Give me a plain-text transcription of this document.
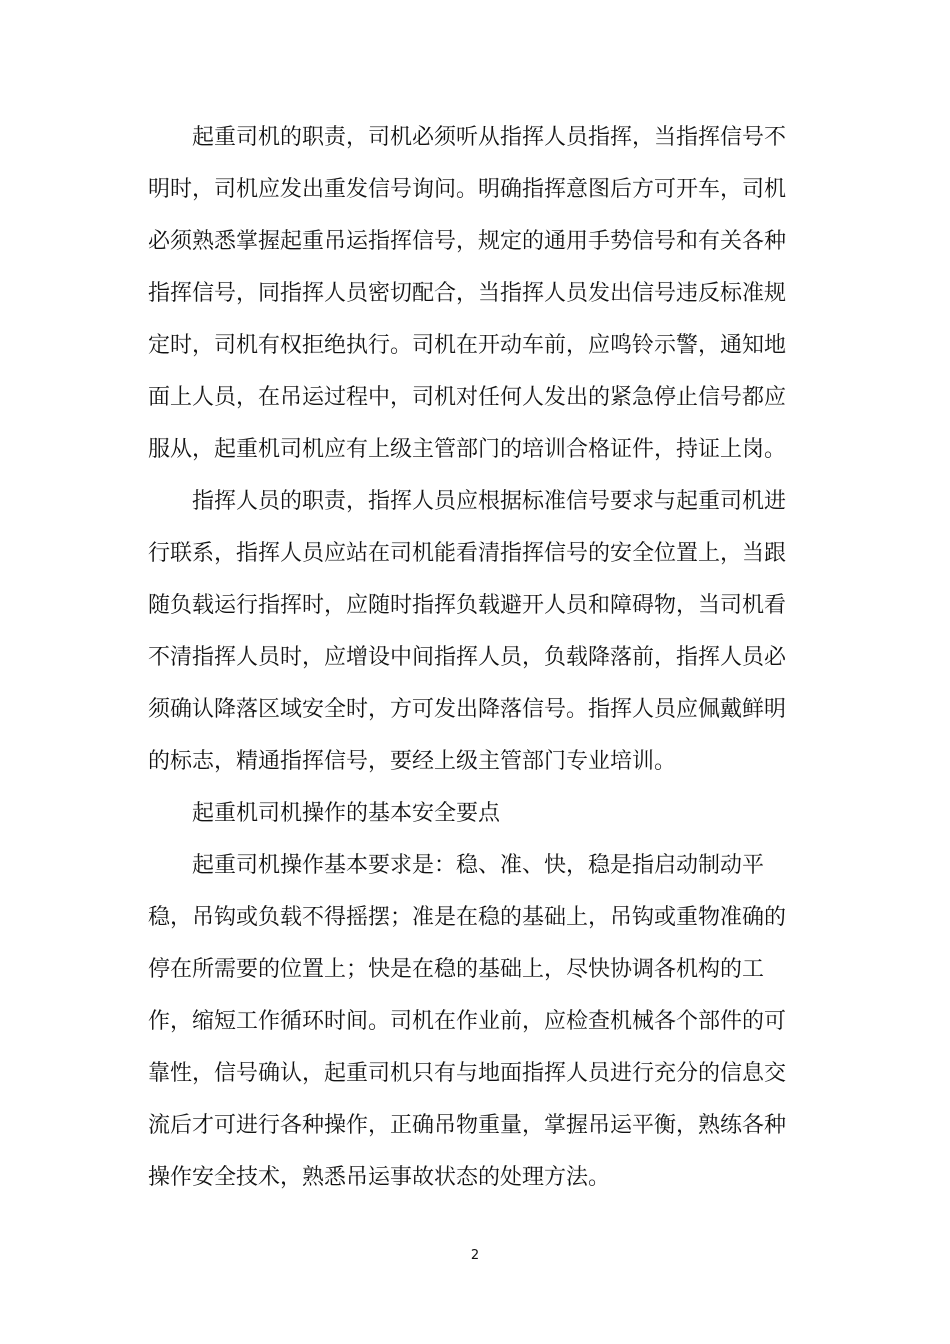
起重司机的职责，司机必须听从指挥人员指挥，当指挥信号不
明时，司机应发出重发信号询问。明确指挥意图后方可开车，司机
必须熟悉掌握起重吊运指挥信号，规定的通用手势信号和有关各种
指挥信号，同指挥人员密切配合，当指挥人员发出信号违反标准规
定时，司机有权拒绝执行。司机在开动车前，应鸣铃示警，通知地
面上人员，在吊运过程中，司机对任何人发出的紧急停止信号都应
服从，起重机司机应有上级主管部门的培训合格证件，持证上岗。
指挥人员的职责，指挥人员应根据标准信号要求与起重司机进
行联系，指挥人员应站在司机能看清指挥信号的安全位置上，当跟
随负载运行指挥时，应随时指挥负载避开人员和障碍物，当司机看
不清指挥人员时，应增设中间指挥人员，负载降落前，指挥人员必
须确认降落区域安全时，方可发出降落信号。指挥人员应佩戴鲜明
的标志，精通指挥信号，要经上级主管部门专业培训。
起重机司机操作的基本安全要点
起重司机操作基本要求是：稳、准、快，稳是指启动制动平
稳，吊钩或负载不得摇摆；准是在稳的基础上，吊钩或重物准确的
停在所需要的位置上；快是在稳的基础上，尽快协调各机构的工
作，缩短工作循环时间。司机在作业前，应检查机械各个部件的可
靠性，信号确认，起重司机只有与地面指挥人员进行充分的信息交
流后才可进行各种操作，正确吊物重量，掌握吊运平衡，熟练各种
操作安全技术，熟悉吊运事故状态的处理方法。
2
